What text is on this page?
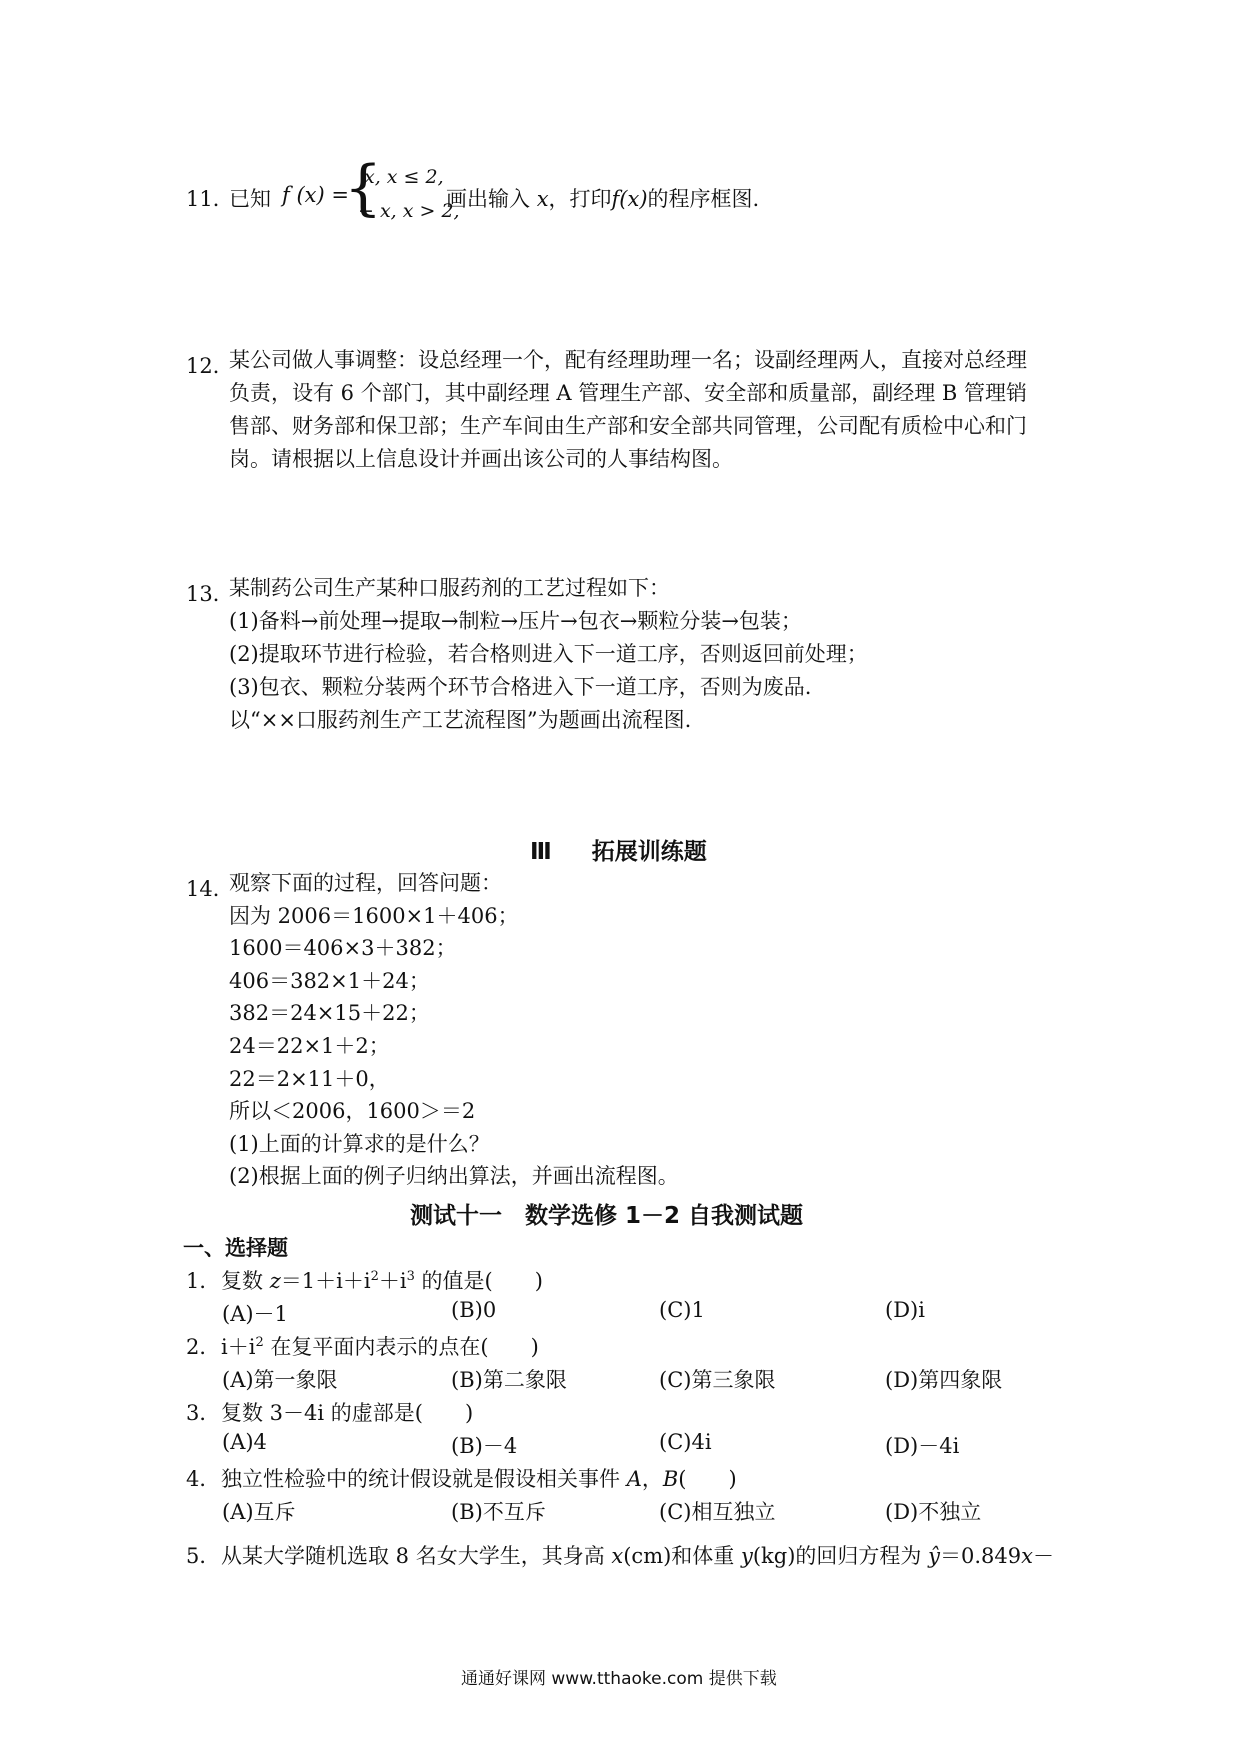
11．
已知 f (x) =
{
x, x ≤ 2,
− x, x > 2,
画出输入 x，打印f(x)的程序框图.
12．
某公司做人事调整：设总经理一个，配有经理助理一名；设副经理两人，直接对总经理
负责，设有 6 个部门，其中副经理 A 管理生产部、安全部和质量部，副经理 B 管理销
售部、财务部和保卫部；生产车间由生产部和安全部共同管理，公司配有质检中心和门
岗。请根据以上信息设计并画出该公司的人事结构图。
13．
某制药公司生产某种口服药剂的工艺过程如下：
(1)备料→前处理→提取→制粒→压片→包衣→颗粒分装→包装；
(2)提取环节进行检验，若合格则进入下一道工序，否则返回前处理；
(3)包衣、颗粒分装两个环节合格进入下一道工序，否则为废品.
以“××口服药剂生产工艺流程图”为题画出流程图.
Ⅲ 拓展训练题
14．
观察下面的过程，回答问题：
因为 2006＝1600×1＋406；
1600＝406×3＋382；
406＝382×1＋24；
382＝24×15＋22；
24＝22×1＋2；
22＝2×11＋0，
所以＜2006，1600＞＝2
(1)上面的计算求的是什么？
(2)根据上面的例子归纳出算法，并画出流程图。
测试十一　数学选修 1－2 自我测试题
一、选择题
1． 复数 $z=1+i+i^2+i^3$ 的值是(　　)
(A)－1	(B)0	(C)1	(D)i
2． $i+i^2$ 在复平面内表示的点在(　　)
(A)第一象限	(B)第二象限	(C)第三象限	(D)第四象限
3． 复数 3－4i 的虚部是(　　)
(A)4	(B)－4	(C)4i	(D)－4i
4． 独立性检验中的统计假设就是假设相关事件 A，B(　　)
(A)互斥	(B)不互斥	(C)相互独立	(D)不独立
5． 从某大学随机选取 8 名女大学生，其身高 x(cm)和体重 y(kg)的回归方程为 ŷ＝0.849x－
通通好课网 www.tthaoke.com 提供下载
